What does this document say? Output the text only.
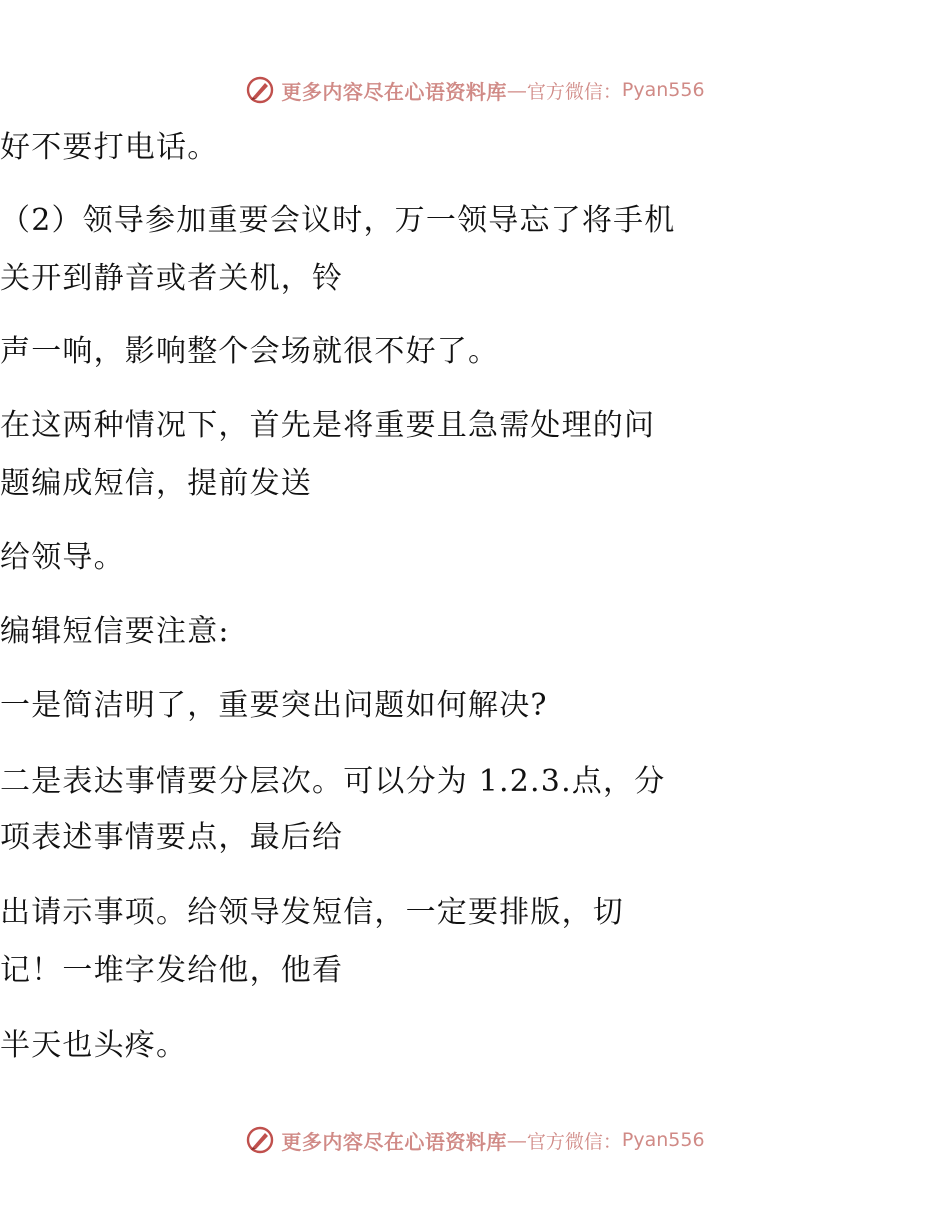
更多内容尽在心语资料库 — 官方微信： Pyan556
好不要打电话。
（2）领导参加重要会议时，万一领导忘了将手机
关开到静音或者关机，铃
声一响，影响整个会场就很不好了。
在这两种情况下，首先是将重要且急需处理的问
题编成短信，提前发送
给领导。
编辑短信要注意:
一是简洁明了，重要突出问题如何解决?
二是表达事情要分层次。可以分为 1.2.3.点，分
项表述事情要点，最后给
出请示事项。给领导发短信，一定要排版，切
记！一堆字发给他，他看
半天也头疼。
更多内容尽在心语资料库 — 官方微信： Pyan556
